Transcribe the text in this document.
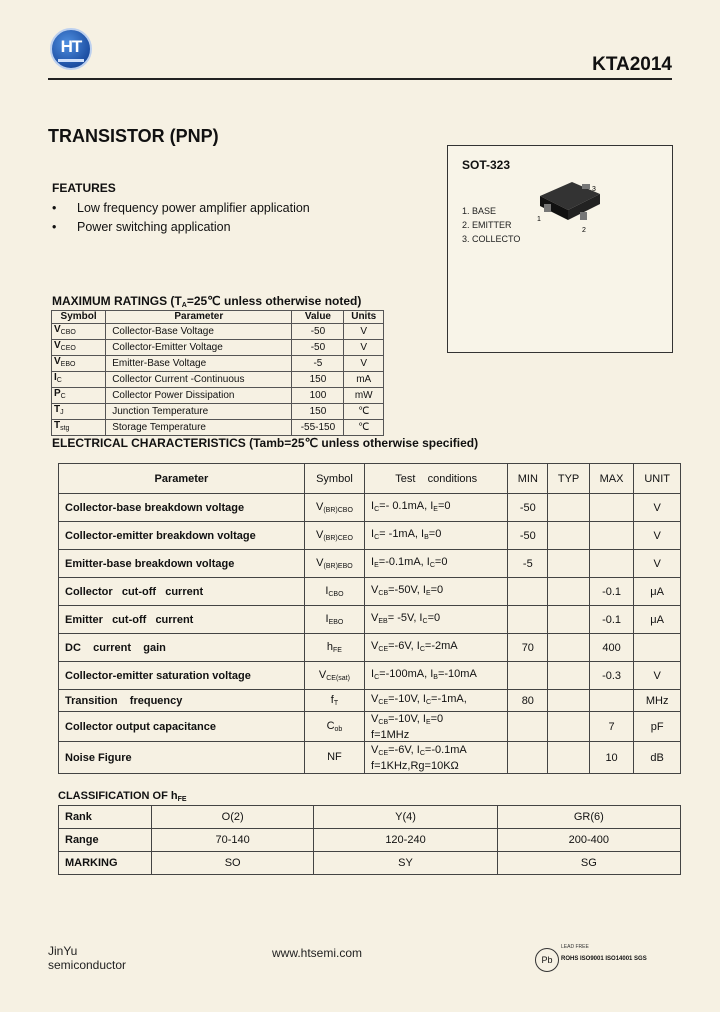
HT
KTA2014
TRANSISTOR (PNP)
SOT-323
3
1
2
1. BASE
2. EMITTER
3. COLLECTO
FEATURES
• Low frequency power amplifier application
• Power switching application
MAXIMUM RATINGS ($T_A=25℃$ unless otherwise noted)
Symbol	Parameter	Value	Units
$V_{CBO}$	Collector-Base Voltage	-50	V
$V_{CEO}$	Collector-Emitter Voltage	-50	V
$V_{EBO}$	Emitter-Base Voltage	-5	V
$I_C$	Collector Current -Continuous	150	mA
$P_C$	Collector Power Dissipation	100	mW
$T_J$	Junction Temperature	150	℃
$T_{stg}$	Storage Temperature	-55-150	℃
ELECTRICAL CHARACTERISTICS (Tamb=25℃ unless otherwise specified)
Parameter	Symbol	Test    conditions	MIN	TYP	MAX	UNIT
Collector-base breakdown voltage	$V_{(BR)CBO}$	$I_C=-$ 0.1mA, $I_E=0$	-50			V
Collector-emitter breakdown voltage	$V_{(BR)CEO}$	$I_C= -1mA$, $I_B=0$	-50			V
Emitter-base breakdown voltage	$V_{(BR)EBO}$	$I_E=-0.1mA$, $I_C=0$	-5			V
Collector   cut-off   current	$I_{CBO}$	$V_{CB}=-50V$, $I_E=0$			-0.1	μA
Emitter   cut-off   current	$I_{EBO}$	$V_{EB}= -5V$, $I_C=0$			-0.1	μA
DC    current    gain	$h_{FE}$	$V_{CE}=-6V$, $I_C=-2mA$	70		400	
Collector-emitter saturation voltage	$V_{CE(sat)}$	$I_C=-100mA$, $I_B=-10mA$			-0.3	V
Transition    frequency	$f_T$	$V_{CE}=-10V$, $I_C=-1mA$,	80			MHz
Collector output capacitance	$C_{ob}$	$V_{CB}=-10V$, $I_E=0$
f=1MHz			7	pF
Noise Figure	NF	$V_{CE}=-6V$, $I_C=-0.1mA$
f=1KHz,Rg=10KΩ			10	dB
CLASSIFICATION OF $h_{FE}$
Rank	O(2)	Y(4)	GR(6)
Range	70-140	120-240	200-400
MARKING	SO	SY	SG
JinYu
semiconductor
www.htsemi.com	Pb
LEAD FREE
ROHS ISO9001 ISO14001 SGS
